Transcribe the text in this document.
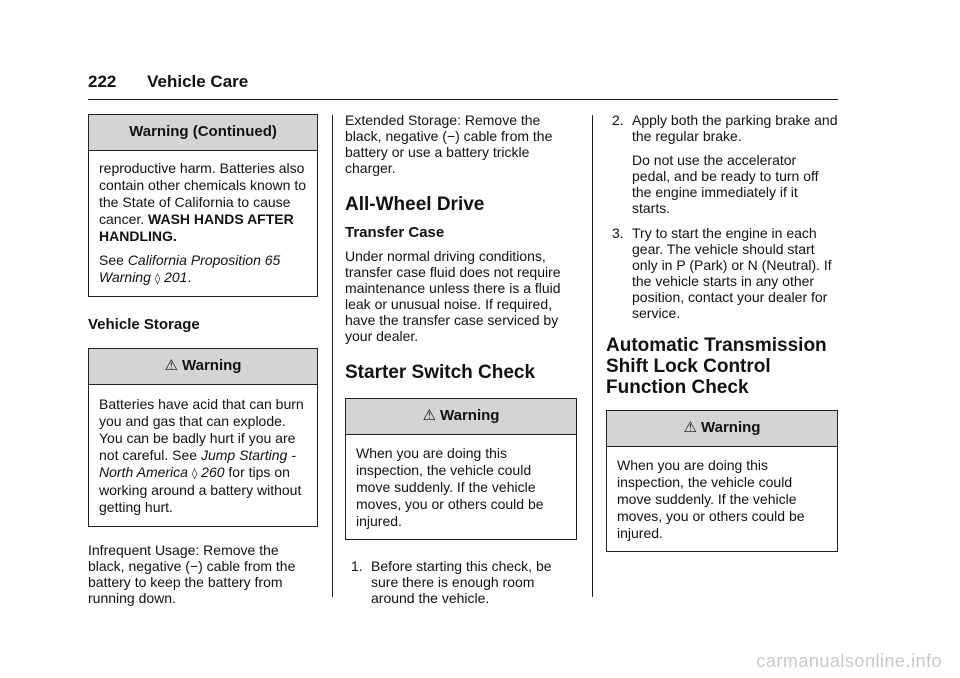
222 Vehicle Care
Warning (Continued)

reproductive harm. Batteries also contain other chemicals known to the State of California to cause cancer. WASH HANDS AFTER HANDLING.

See California Proposition 65 Warning ◊ 201.

Vehicle Storage
⚠ Warning

Batteries have acid that can burn you and gas that can explode. You can be badly hurt if you are not careful. See Jump Starting - North America ◊ 260 for tips on working around a battery without getting hurt.

Infrequent Usage: Remove the black, negative (−) cable from the battery to keep the battery from running down.

Extended Storage: Remove the black, negative (−) cable from the battery or use a battery trickle charger.

All-Wheel Drive
Transfer Case

Under normal driving conditions, transfer case fluid does not require maintenance unless there is a fluid leak or unusual noise. If required, have the transfer case serviced by your dealer.

Starter Switch Check
⚠ Warning

When you are doing this inspection, the vehicle could move suddenly. If the vehicle moves, you or others could be injured.

1. Before starting this check, be sure there is enough room around the vehicle.

2. Apply both the parking brake and the regular brake.

Do not use the accelerator pedal, and be ready to turn off the engine immediately if it starts.

3. Try to start the engine in each gear. The vehicle should start only in P (Park) or N (Neutral). If the vehicle starts in any other position, contact your dealer for service.

Automatic Transmission Shift Lock Control Function Check
⚠ Warning

When you are doing this inspection, the vehicle could move suddenly. If the vehicle moves, you or others could be injured.

carmanualsonline.info
